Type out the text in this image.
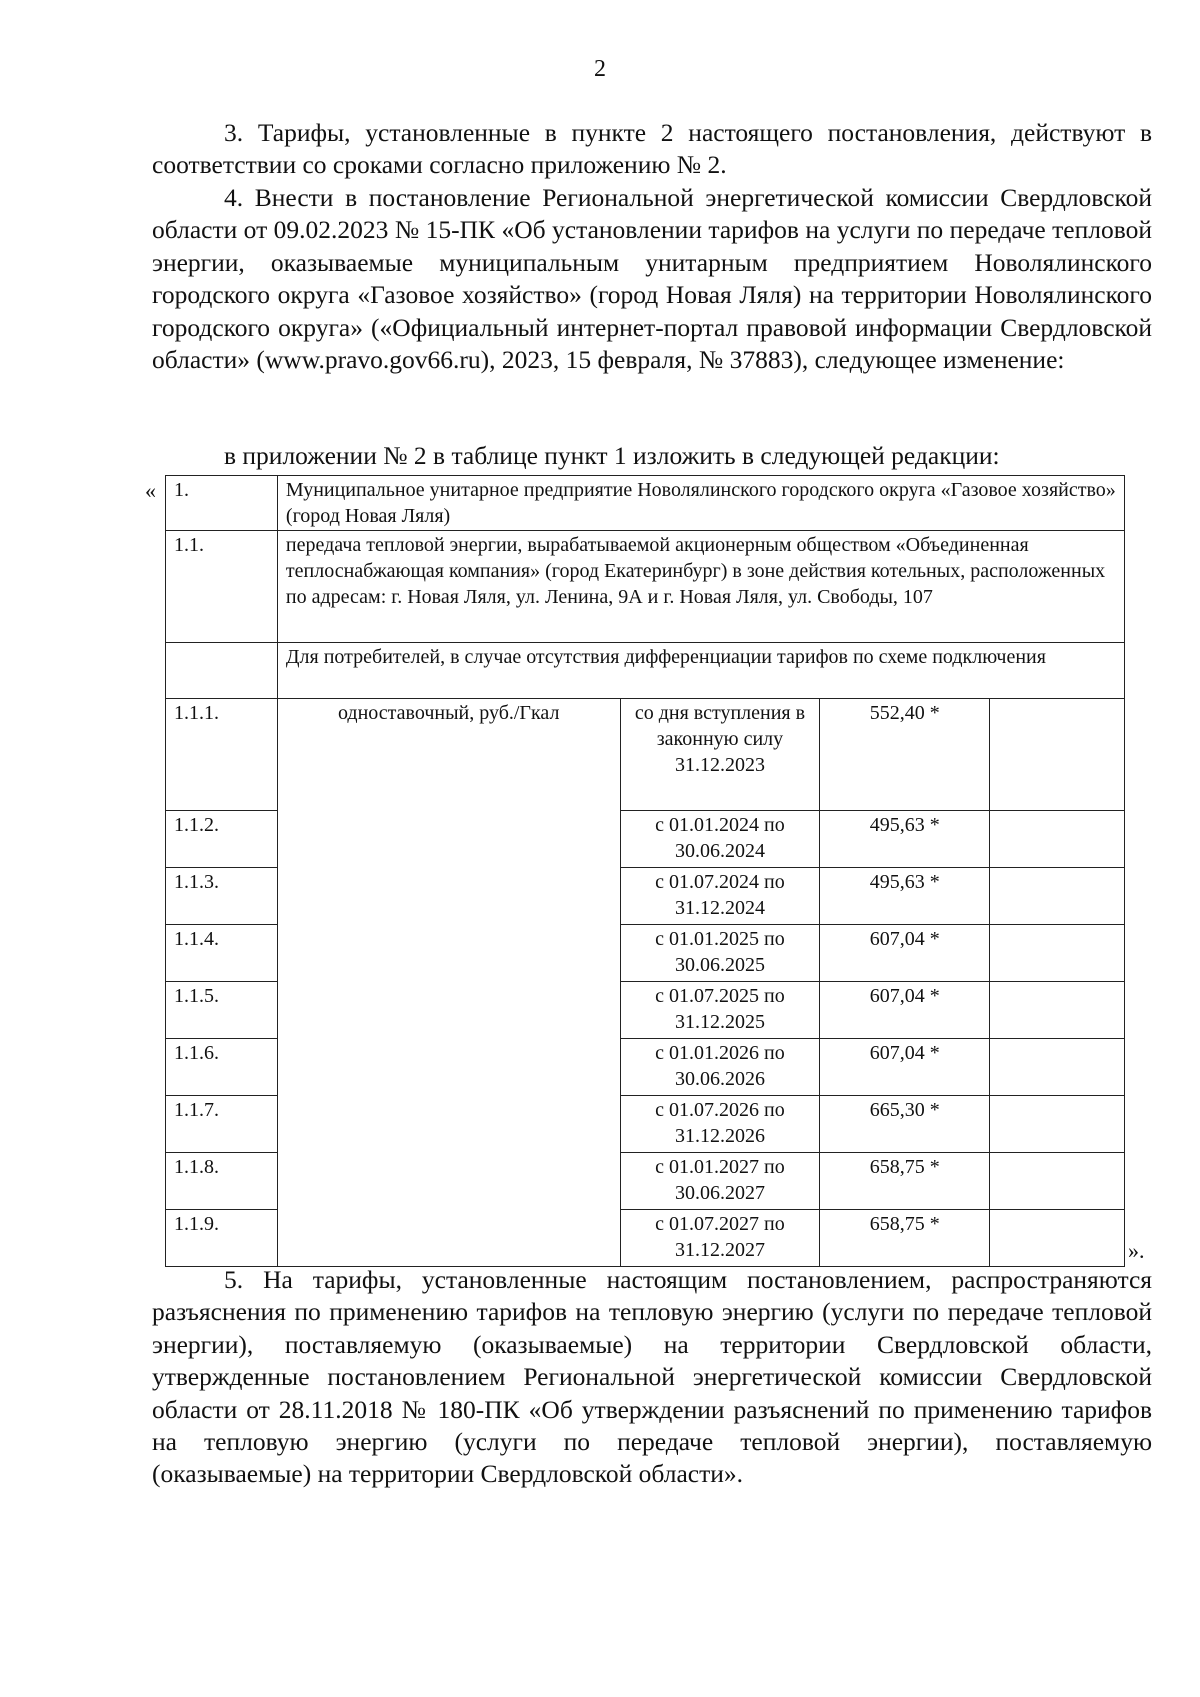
2
3. Тарифы, установленные в пункте 2 настоящего постановления, действуют в соответствии со сроками согласно приложению № 2.
4. Внести в постановление Региональной энергетической комиссии Свердловской области от 09.02.2023 № 15-ПК «Об установлении тарифов на услуги по передаче тепловой энергии, оказываемые муниципальным унитарным предприятием Новолялинского городского округа «Газовое хозяйство» (город Новая Ляля) на территории Новолялинского городского округа» («Официальный интернет-портал правовой информации Свердловской области» (www.pravo.gov66.ru), 2023, 15 февраля, № 37883), следующее изменение:
в приложении № 2 в таблице пункт 1 изложить в следующей редакции:
« 1.	Муниципальное унитарное предприятие Новолялинского городского округа «Газовое хозяйство» (город Новая Ляля)			
1.1.	передача тепловой энергии, вырабатываемой акционерным обществом «Объединенная теплоснабжающая компания» (город Екатеринбург) в зоне действия котельных, расположенных по адресам: г. Новая Ляля, ул. Ленина, 9А и г. Новая Ляля, ул. Свободы, 107			
	Для потребителей, в случае отсутствия дифференциации тарифов по схеме подключения			
1.1.1.	одноставочный, руб./Гкал	со дня вступления в законную силу 31.12.2023	552,40 *	
1.1.2.		с 01.01.2024 по 30.06.2024	495,63 *	
1.1.3.		с 01.07.2024 по 31.12.2024	495,63 *	
1.1.4.		с 01.01.2025 по 30.06.2025	607,04 *	
1.1.5.		с 01.07.2025 по 31.12.2025	607,04 *	
1.1.6.		с 01.01.2026 по 30.06.2026	607,04 *	
1.1.7.		с 01.07.2026 по 31.12.2026	665,30 *	
1.1.8.		с 01.01.2027 по 30.06.2027	658,75 *	
1.1.9.		с 01.07.2027 по 31.12.2027	658,75 *	
».
5. На тарифы, установленные настоящим постановлением, распространяются разъяснения по применению тарифов на тепловую энергию (услуги по передаче тепловой энергии), поставляемую (оказываемые) на территории Свердловской области, утвержденные постановлением Региональной энергетической комиссии Свердловской области от 28.11.2018 № 180-ПК «Об утверждении разъяснений по применению тарифов на тепловую энергию (услуги по передаче тепловой энергии), поставляемую (оказываемые) на территории Свердловской области».
